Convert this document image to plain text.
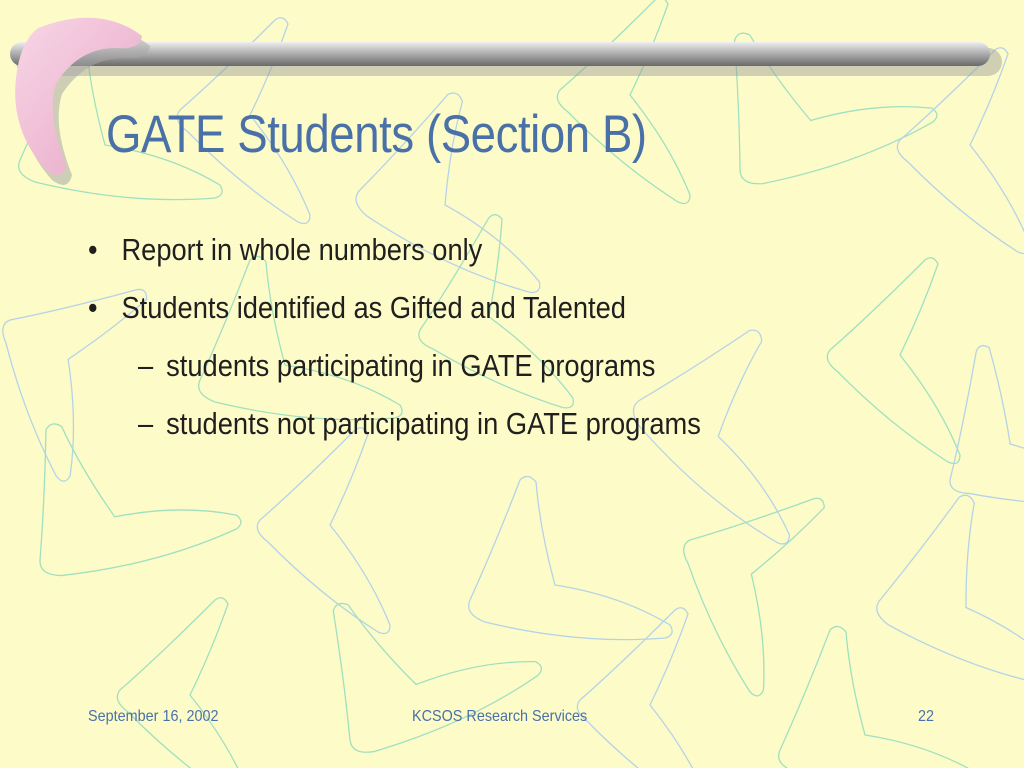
GATE Students (Section B)
• Report in whole numbers only
• Students identified as Gifted and Talented
– students participating in GATE programs
– students not participating in GATE programs
September 16, 2002	KCSOS Research Services	22
